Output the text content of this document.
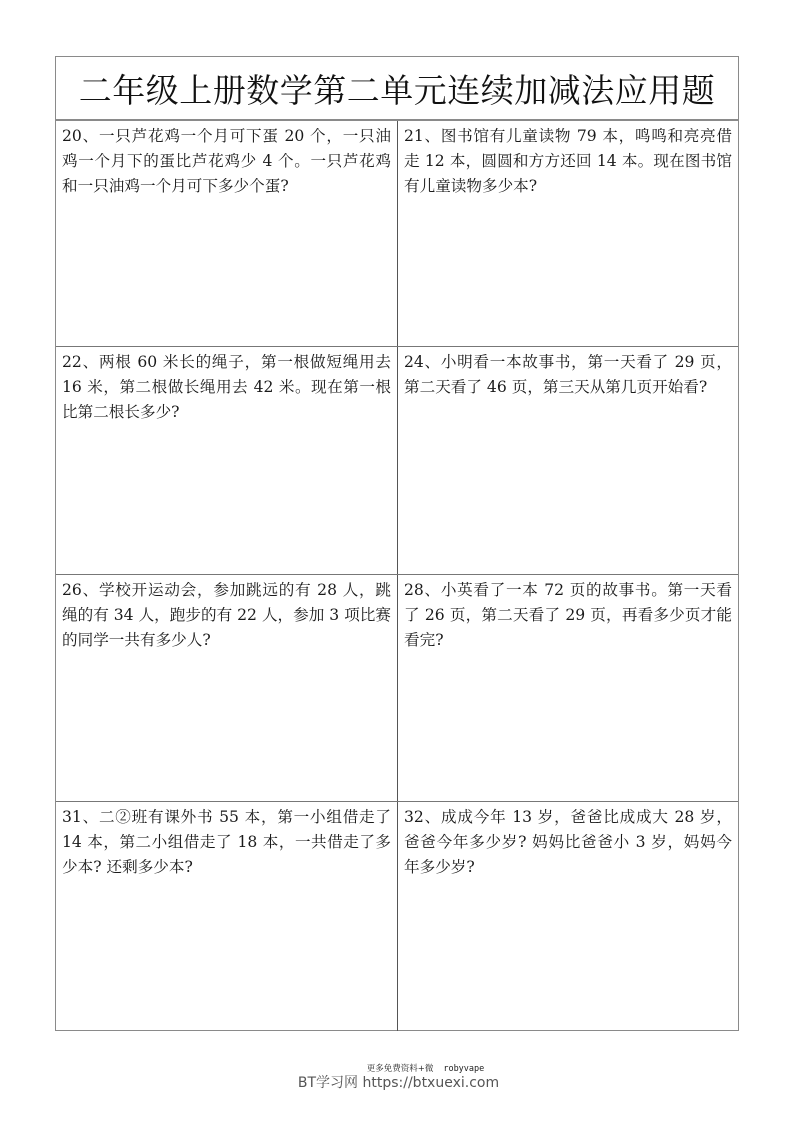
二年级上册数学第二单元连续加减法应用题
20、一只芦花鸡一个月可下蛋 20 个，一只油鸡一个月下的蛋比芦花鸡少 4 个。一只芦花鸡和一只油鸡一个月可下多少个蛋?
21、图书馆有儿童读物 79 本，鸣鸣和亮亮借走 12 本，圆圆和方方还回 14 本。现在图书馆有儿童读物多少本?
22、两根 60 米长的绳子，第一根做短绳用去 16 米，第二根做长绳用去 42 米。现在第一根比第二根长多少?
24、小明看一本故事书，第一天看了 29 页，第二天看了 46 页，第三天从第几页开始看?
26、学校开运动会，参加跳远的有 28 人，跳绳的有 34 人，跑步的有 22 人，参加 3 项比赛的同学一共有多少人?
28、小英看了一本 72 页的故事书。第一天看了 26 页，第二天看了 29 页，再看多少页才能看完?
31、二②班有课外书 55 本，第一小组借走了 14 本，第二小组借走了 18 本，一共借走了多少本? 还剩多少本?
32、成成今年 13 岁，爸爸比成成大 28 岁，爸爸今年多少岁? 妈妈比爸爸小 3 岁，妈妈今年多少岁?
更多免费资料+微 robyvape
BT学习网 https://btxuexi.com
